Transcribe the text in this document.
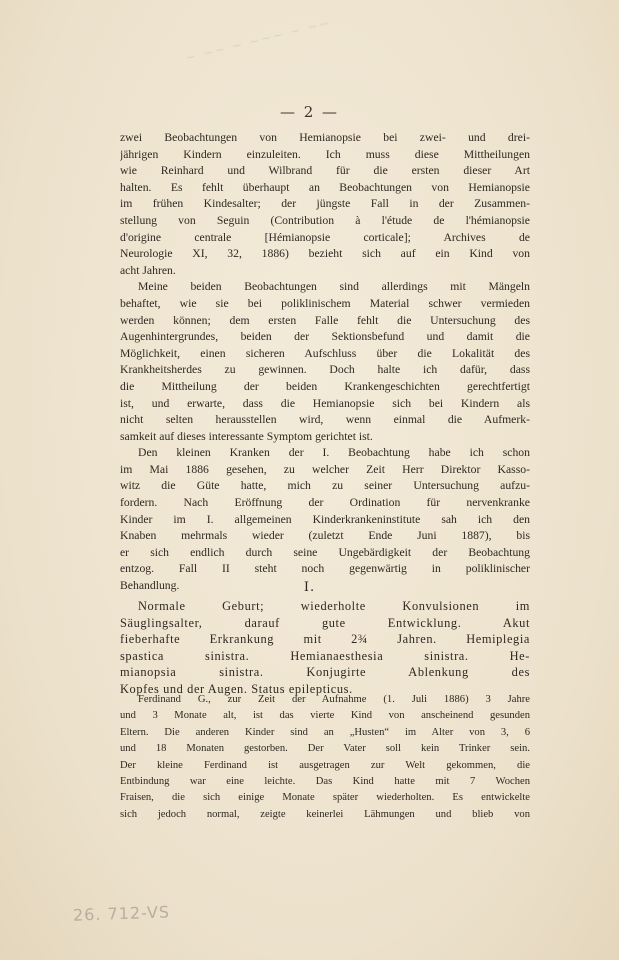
~ ~~ ~ ~~~ ~ ~~
— 2 —
zwei Beobachtungen von Hemianopsie bei zwei- und drei-
jährigen Kindern einzuleiten. Ich muss diese Mittheilungen
wie Reinhard und Wilbrand für die ersten dieser Art
halten. Es fehlt überhaupt an Beobachtungen von Hemianopsie
im frühen Kindesalter; der jüngste Fall in der Zusammen-
stellung von Seguin (Contribution à l'étude de l'hémianopsie
d'origine centrale [Hémianopsie corticale]; Archives de
Neurologie XI, 32, 1886) bezieht sich auf ein Kind von
acht Jahren.
Meine beiden Beobachtungen sind allerdings mit Mängeln
behaftet, wie sie bei poliklinischem Material schwer vermieden
werden können; dem ersten Falle fehlt die Untersuchung des
Augenhintergrundes, beiden der Sektionsbefund und damit die
Möglichkeit, einen sicheren Aufschluss über die Lokalität des
Krankheitsherdes zu gewinnen. Doch halte ich dafür, dass
die Mittheilung der beiden Krankengeschichten gerechtfertigt
ist, und erwarte, dass die Hemianopsie sich bei Kindern als
nicht selten herausstellen wird, wenn einmal die Aufmerk-
samkeit auf dieses interessante Symptom gerichtet ist.
Den kleinen Kranken der I. Beobachtung habe ich schon
im Mai 1886 gesehen, zu welcher Zeit Herr Direktor Kasso-
witz die Güte hatte, mich zu seiner Untersuchung aufzu-
fordern. Nach Eröffnung der Ordination für nervenkranke
Kinder im I. allgemeinen Kinderkrankeninstitute sah ich den
Knaben mehrmals wieder (zuletzt Ende Juni 1887), bis
er sich endlich durch seine Ungebärdigkeit der Beobachtung
entzog. Fall II steht noch gegenwärtig in poliklinischer
Behandlung.	I.
Normale Geburt; wiederholte Konvulsionen im
Säuglingsalter, darauf gute Entwicklung. Akut
fieberhafte Erkrankung mit 2¾ Jahren. Hemiplegia
spastica sinistra. Hemianaesthesia sinistra. He-
mianopsia sinistra. Konjugirte Ablenkung des
Kopfes und der Augen. Status epilepticus.
Ferdinand G., zur Zeit der Aufnahme (1. Juli 1886) 3 Jahre
und 3 Monate alt, ist das vierte Kind von anscheinend gesunden
Eltern. Die anderen Kinder sind an „Husten“ im Alter von 3, 6
und 18 Monaten gestorben. Der Vater soll kein Trinker sein.
Der kleine Ferdinand ist ausgetragen zur Welt gekommen, die
Entbindung war eine leichte. Das Kind hatte mit 7 Wochen
Fraisen, die sich einige Monate später wiederholten. Es entwickelte
sich jedoch normal, zeigte keinerlei Lähmungen und blieb von
26. 712-VS
